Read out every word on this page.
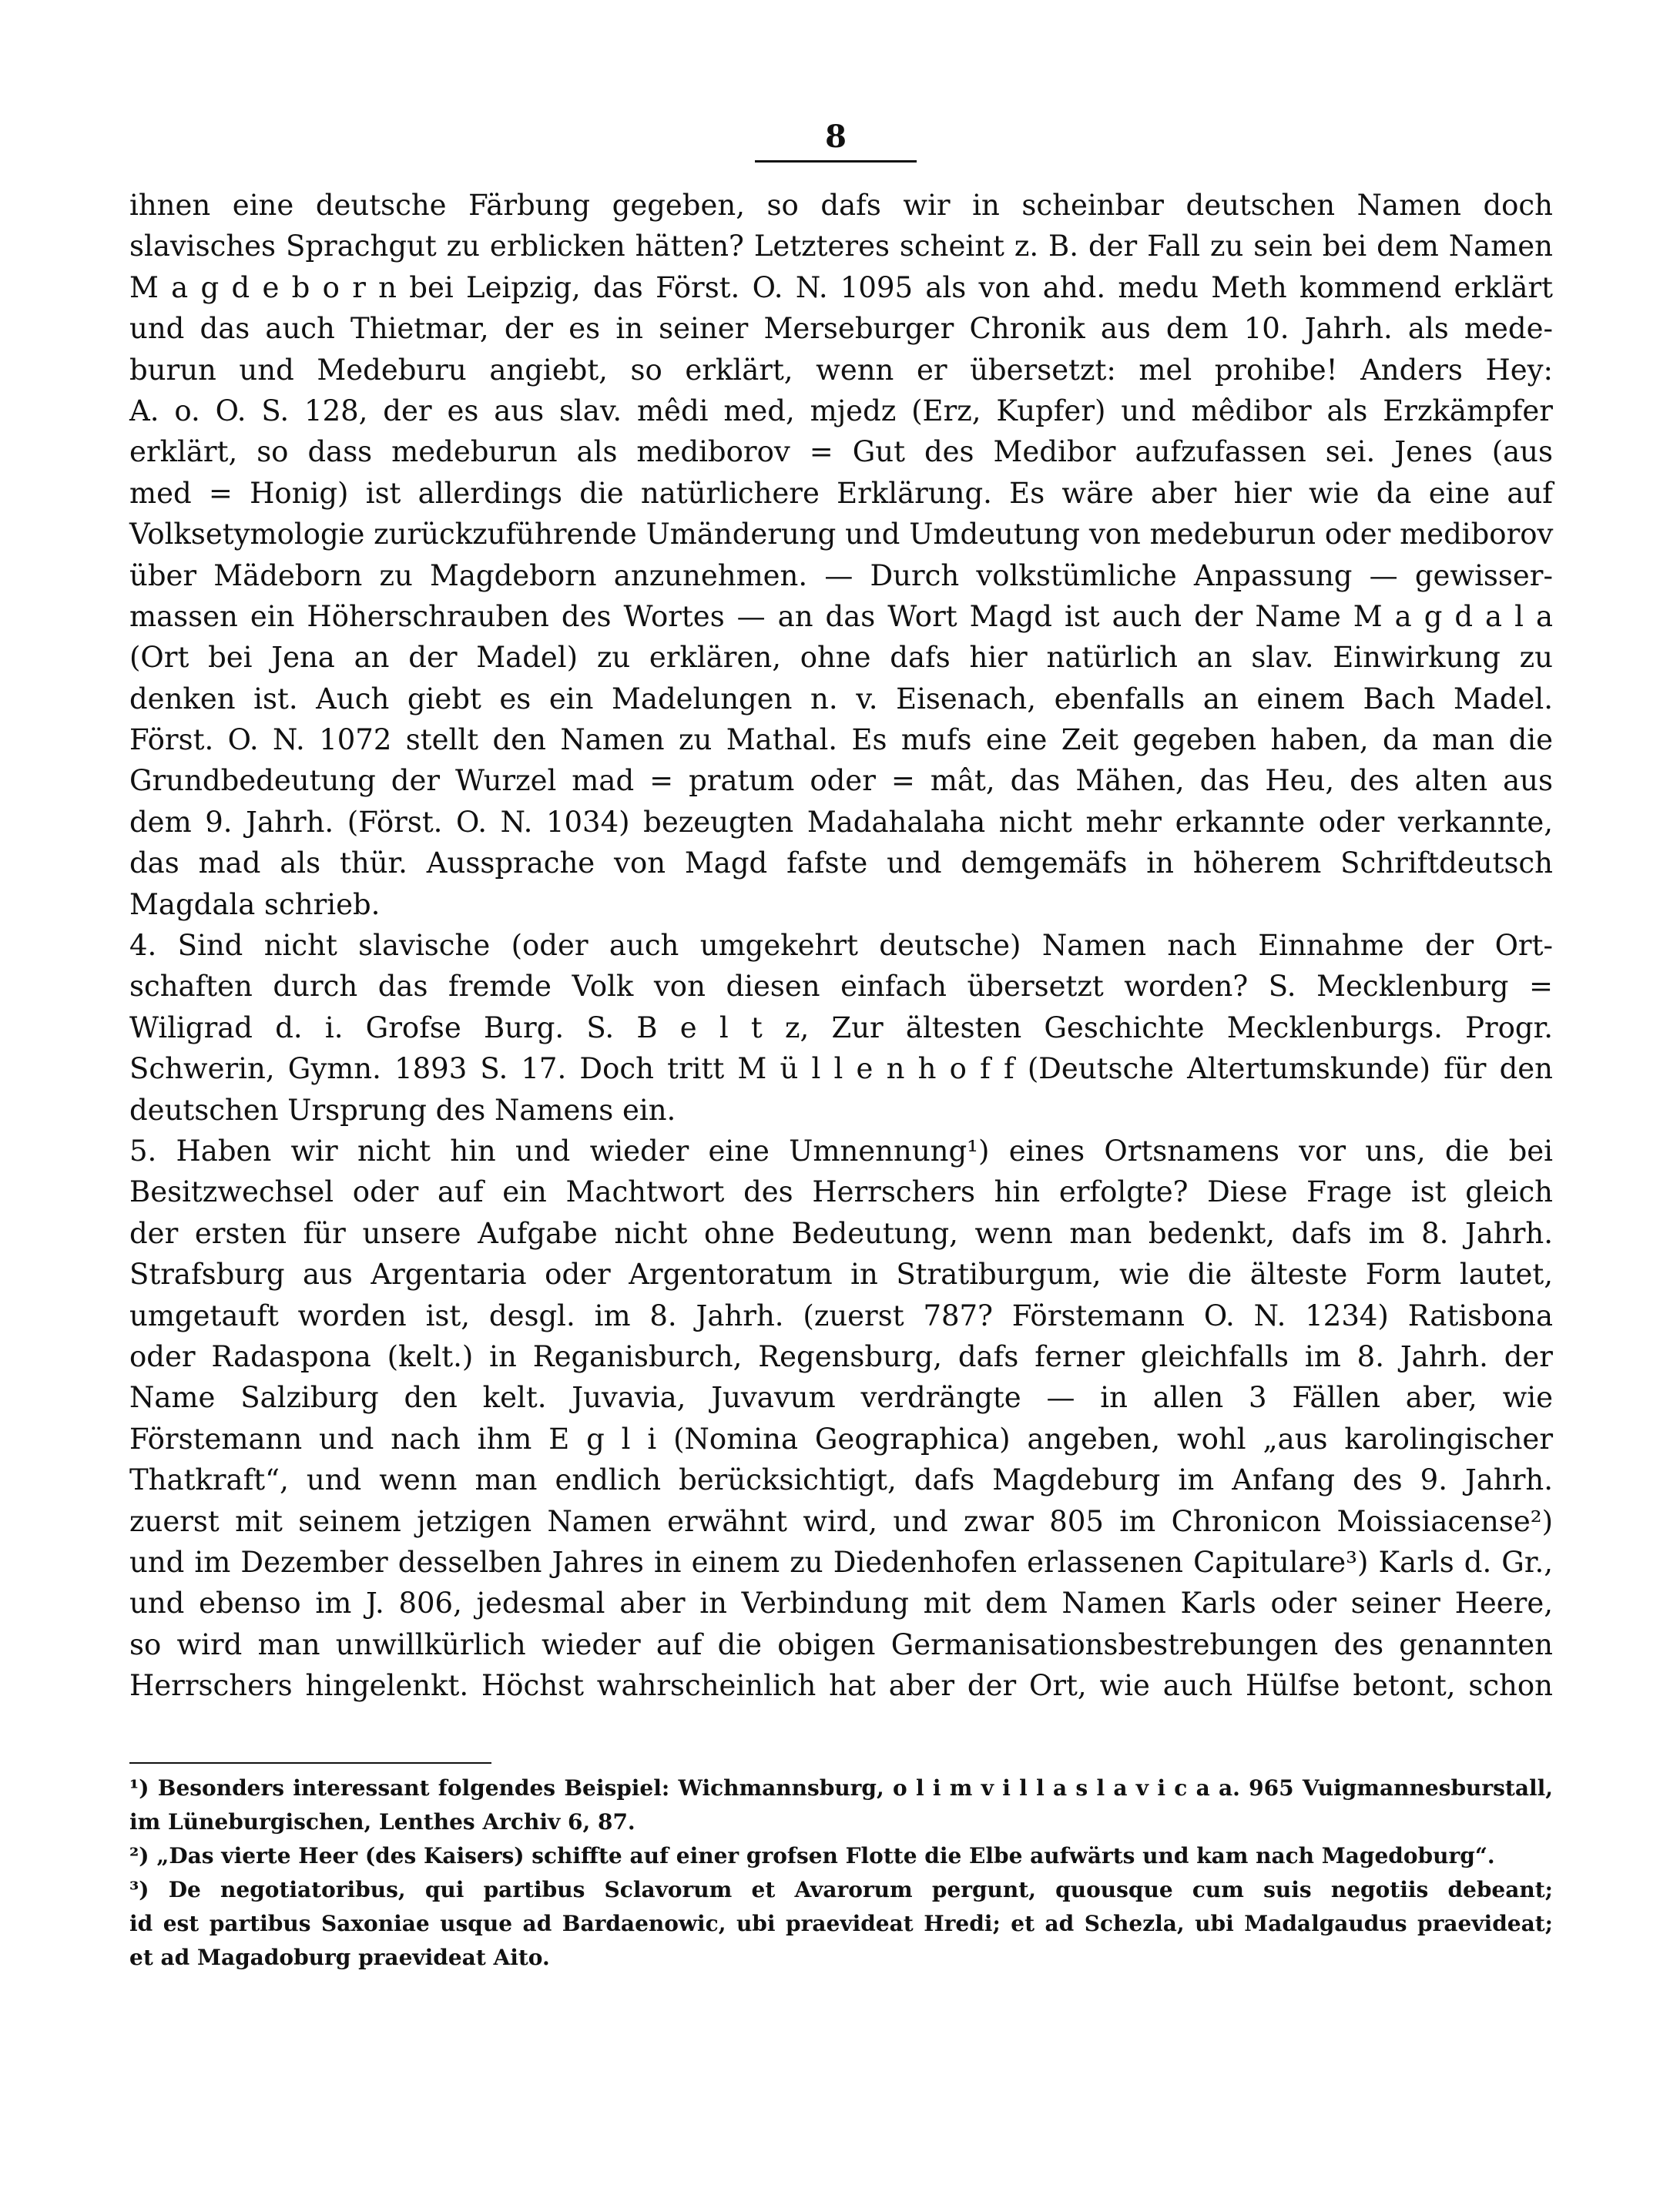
8
ihnen eine deutsche Färbung gegeben, so dafs wir in scheinbar deutschen Namen doch
slavisches Sprachgut zu erblicken hätten? Letzteres scheint z. B. der Fall zu sein bei dem Namen
M a g d e b o r n bei Leipzig, das Först. O. N. 1095 als von ahd. medu Meth kommend erklärt
und das auch Thietmar, der es in seiner Merseburger Chronik aus dem 10. Jahrh. als mede-
burun und Medeburu angiebt, so erklärt, wenn er übersetzt: mel prohibe! Anders Hey:
A. o. O. S. 128, der es aus slav. mêdi med, mjedz (Erz, Kupfer) und mêdibor als Erzkämpfer
erklärt, so dass medeburun als mediborov = Gut des Medibor aufzufassen sei. Jenes (aus
med = Honig) ist allerdings die natürlichere Erklärung. Es wäre aber hier wie da eine auf
Volksetymologie zurückzuführende Umänderung und Umdeutung von medeburun oder mediborov
über Mädeborn zu Magdeborn anzunehmen. — Durch volkstümliche Anpassung — gewisser-
massen ein Höherschrauben des Wortes — an das Wort Magd ist auch der Name M a g d a l a
(Ort bei Jena an der Madel) zu erklären, ohne dafs hier natürlich an slav. Einwirkung zu
denken ist. Auch giebt es ein Madelungen n. v. Eisenach, ebenfalls an einem Bach Madel.
Först. O. N. 1072 stellt den Namen zu Mathal. Es mufs eine Zeit gegeben haben, da man die
Grundbedeutung der Wurzel mad = pratum oder = mât, das Mähen, das Heu, des alten aus
dem 9. Jahrh. (Först. O. N. 1034) bezeugten Madahalaha nicht mehr erkannte oder verkannte,
das mad als thür. Aussprache von Magd fafste und demgemäfs in höherem Schriftdeutsch
Magdala schrieb.
4. Sind nicht slavische (oder auch umgekehrt deutsche) Namen nach Einnahme der Ort-
schaften durch das fremde Volk von diesen einfach übersetzt worden? S. Mecklenburg =
Wiligrad d. i. Grofse Burg. S. B e l t z, Zur ältesten Geschichte Mecklenburgs. Progr.
Schwerin, Gymn. 1893 S. 17. Doch tritt M ü l l e n h o f f (Deutsche Altertumskunde) für den
deutschen Ursprung des Namens ein.
5. Haben wir nicht hin und wieder eine Umnennung¹) eines Ortsnamens vor uns, die bei
Besitzwechsel oder auf ein Machtwort des Herrschers hin erfolgte? Diese Frage ist gleich
der ersten für unsere Aufgabe nicht ohne Bedeutung, wenn man bedenkt, dafs im 8. Jahrh.
Strafsburg aus Argentaria oder Argentoratum in Stratiburgum, wie die älteste Form lautet,
umgetauft worden ist, desgl. im 8. Jahrh. (zuerst 787? Förstemann O. N. 1234) Ratisbona
oder Radaspona (kelt.) in Reganisburch, Regensburg, dafs ferner gleichfalls im 8. Jahrh. der
Name Salziburg den kelt. Juvavia, Juvavum verdrängte — in allen 3 Fällen aber, wie
Förstemann und nach ihm E g l i (Nomina Geographica) angeben, wohl „aus karolingischer
Thatkraft“, und wenn man endlich berücksichtigt, dafs Magdeburg im Anfang des 9. Jahrh.
zuerst mit seinem jetzigen Namen erwähnt wird, und zwar 805 im Chronicon Moissiacense²)
und im Dezember desselben Jahres in einem zu Diedenhofen erlassenen Capitulare³) Karls d. Gr.,
und ebenso im J. 806, jedesmal aber in Verbindung mit dem Namen Karls oder seiner Heere,
so wird man unwillkürlich wieder auf die obigen Germanisationsbestrebungen des genannten
Herrschers hingelenkt. Höchst wahrscheinlich hat aber der Ort, wie auch Hülfse betont, schon
¹) Besonders interessant folgendes Beispiel: Wichmannsburg, o l i m v i l l a s l a v i c a a. 965 Vuigmannesburstall,
im Lüneburgischen, Lenthes Archiv 6, 87.
²) „Das vierte Heer (des Kaisers) schiffte auf einer grofsen Flotte die Elbe aufwärts und kam nach Magedoburg“.
³) De negotiatoribus, qui partibus Sclavorum et Avarorum pergunt, quousque cum suis negotiis debeant;
id est partibus Saxoniae usque ad Bardaenowic, ubi praevideat Hredi; et ad Schezla, ubi Madalgaudus praevideat;
et ad Magadoburg praevideat Aito.
